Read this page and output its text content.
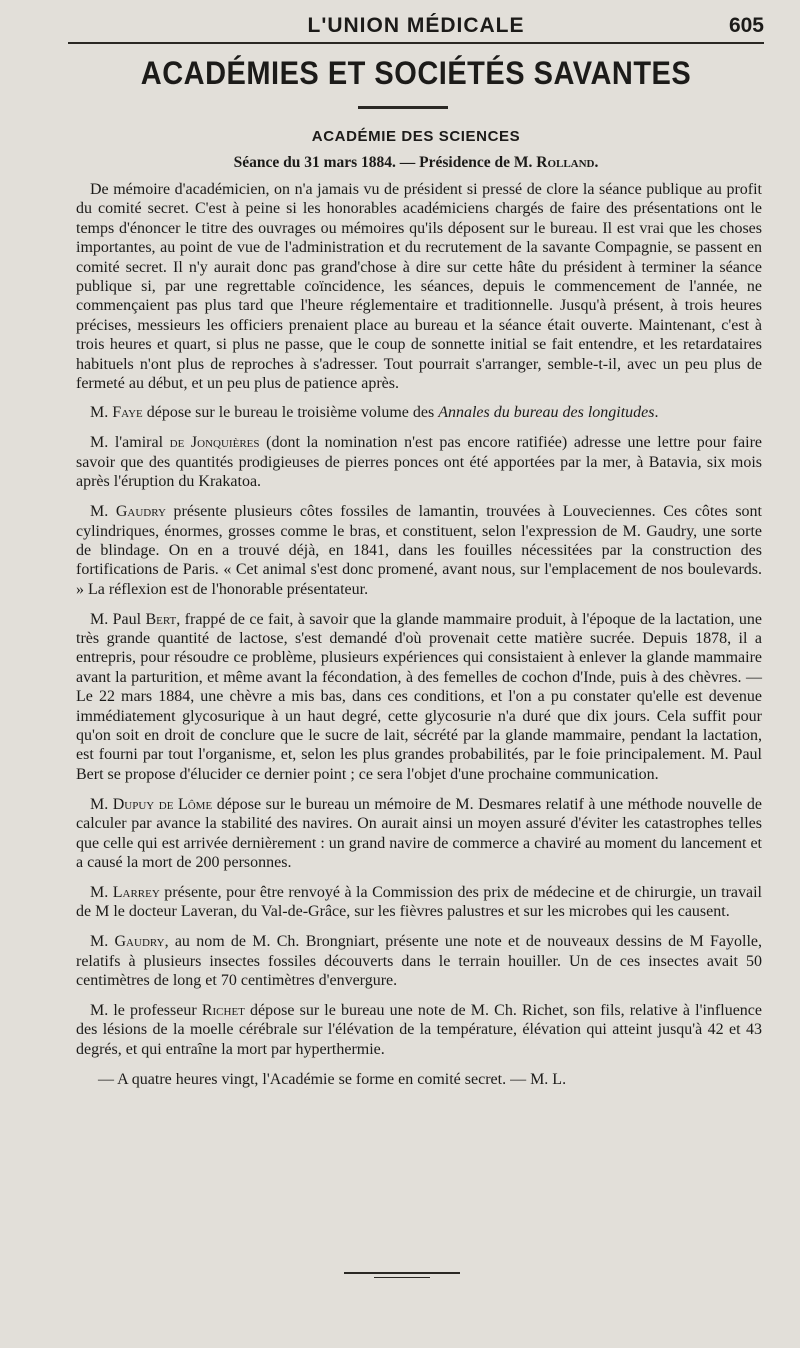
L'UNION MÉDICALE	605
ACADÉMIES ET SOCIÉTÉS SAVANTES
ACADÉMIE DES SCIENCES
Séance du 31 mars 1884. — Présidence de M. Rolland.

De mémoire d'académicien, on n'a jamais vu de président si pressé de clore la séance publique au profit du comité secret. C'est à peine si les honorables académiciens chargés de faire des présentations ont le temps d'énoncer le titre des ouvrages ou mémoires qu'ils déposent sur le bureau. Il est vrai que les choses importantes, au point de vue de l'administration et du recrutement de la savante Compagnie, se passent en comité secret. Il n'y aurait donc pas grand'chose à dire sur cette hâte du président à terminer la séance publique si, par une regrettable coïncidence, les séances, depuis le commencement de l'année, ne commençaient pas plus tard que l'heure réglementaire et traditionnelle. Jusqu'à présent, à trois heures précises, messieurs les officiers prenaient place au bureau et la séance était ouverte. Maintenant, c'est à trois heures et quart, si plus ne passe, que le coup de sonnette initial se fait entendre, et les retardataires habituels n'ont plus de reproches à s'adresser. Tout pourrait s'arranger, semble-t-il, avec un peu plus de fermeté au début, et un peu plus de patience après.

M. Faye dépose sur le bureau le troisième volume des Annales du bureau des longitudes.

M. l'amiral de Jonquières (dont la nomination n'est pas encore ratifiée) adresse une lettre pour faire savoir que des quantités prodigieuses de pierres ponces ont été apportées par la mer, à Batavia, six mois après l'éruption du Krakatoa.

M. Gaudry présente plusieurs côtes fossiles de lamantin, trouvées à Louveciennes. Ces côtes sont cylindriques, énormes, grosses comme le bras, et constituent, selon l'expression de M. Gaudry, une sorte de blindage. On en a trouvé déjà, en 1841, dans les fouilles nécessitées par la construction des fortifications de Paris. « Cet animal s'est donc promené, avant nous, sur l'emplacement de nos boulevards. » La réflexion est de l'honorable présentateur.

M. Paul Bert, frappé de ce fait, à savoir que la glande mammaire produit, à l'époque de la lactation, une très grande quantité de lactose, s'est demandé d'où provenait cette matière sucrée. Depuis 1878, il a entrepris, pour résoudre ce problème, plusieurs expériences qui consistaient à enlever la glande mammaire avant la parturition, et même avant la fécondation, à des femelles de cochon d'Inde, puis à des chèvres. — Le 22 mars 1884, une chèvre a mis bas, dans ces conditions, et l'on a pu constater qu'elle est devenue immédiatement glycosurique à un haut degré, cette glycosurie n'a duré que dix jours. Cela suffit pour qu'on soit en droit de conclure que le sucre de lait, sécrété par la glande mammaire, pendant la lactation, est fourni par tout l'organisme, et, selon les plus grandes probabilités, par le foie principalement. M. Paul Bert se propose d'élucider ce dernier point ; ce sera l'objet d'une prochaine communication.

M. Dupuy de Lôme dépose sur le bureau un mémoire de M. Desmares relatif à une méthode nouvelle de calculer par avance la stabilité des navires. On aurait ainsi un moyen assuré d'éviter les catastrophes telles que celle qui est arrivée dernièrement : un grand navire de commerce a chaviré au moment du lancement et a causé la mort de 200 personnes.

M. Larrey présente, pour être renvoyé à la Commission des prix de médecine et de chirurgie, un travail de M le docteur Laveran, du Val-de-Grâce, sur les fièvres palustres et sur les microbes qui les causent.

M. Gaudry, au nom de M. Ch. Brongniart, présente une note et de nouveaux dessins de M Fayolle, relatifs à plusieurs insectes fossiles découverts dans le terrain houiller. Un de ces insectes avait 50 centimètres de long et 70 centimètres d'envergure.

M. le professeur Richet dépose sur le bureau une note de M. Ch. Richet, son fils, relative à l'influence des lésions de la moelle cérébrale sur l'élévation de la température, élévation qui atteint jusqu'à 42 et 43 degrés, et qui entraîne la mort par hyperthermie.

— A quatre heures vingt, l'Académie se forme en comité secret. — M. L.
